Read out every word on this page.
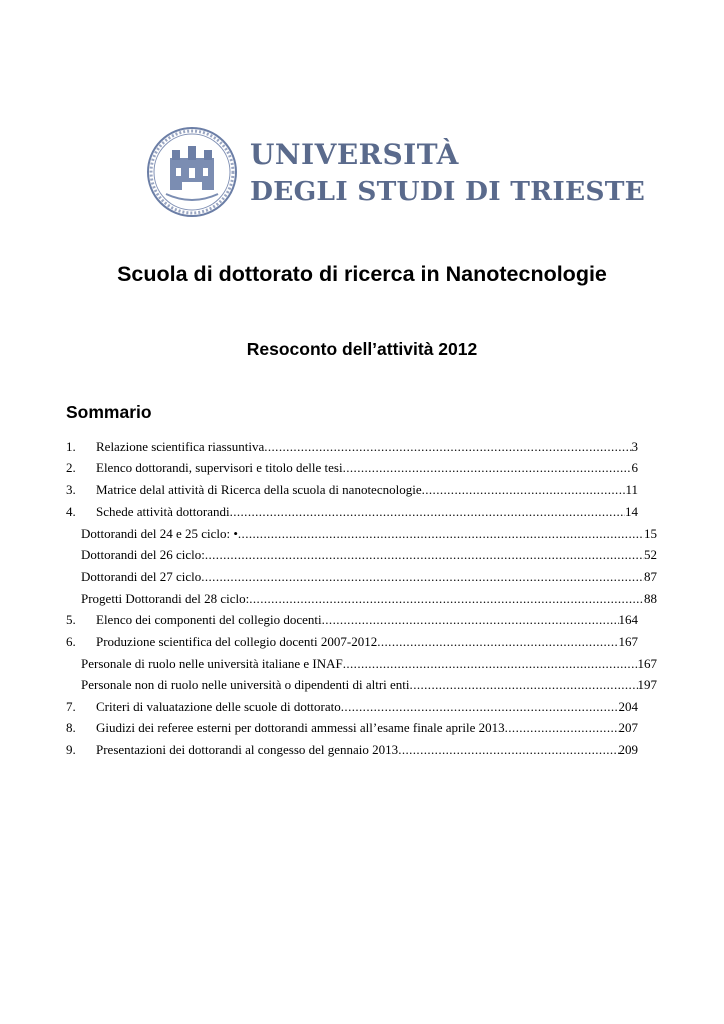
UNIVERSITÀ
DEGLI STUDI DI TRIESTE
Scuola di dottorato di ricerca in Nanotecnologie
Resoconto dell’attività 2012
Sommario
1.	Relazione scientifica riassuntiva .....	3
2.	Elenco dottorandi, supervisori e titolo delle tesi .....	6
3.	Matrice delal attività di Ricerca della scuola di nanotecnologie .....	11
4.	Schede attività dottorandi .....	14
Dottorandi del 24 e 25 ciclo: • .....	15
Dottorandi del 26 ciclo: .....	52
Dottorandi del 27 ciclo .....	87
Progetti Dottorandi del 28 ciclo: .....	88
5.	Elenco dei componenti del collegio docenti .....	164
6.	Produzione scientifica del collegio docenti 2007-2012 .....	167
Personale di ruolo nelle università italiane e INAF .....	167
Personale non di ruolo nelle università o dipendenti di altri enti .....	197
7.	Criteri di valuatazione delle scuole di dottorato .....	204
8.	Giudizi dei referee esterni per dottorandi ammessi all’esame finale aprile 2013 .....	207
9.	Presentazioni dei dottorandi al congesso del gennaio 2013 .....	209
